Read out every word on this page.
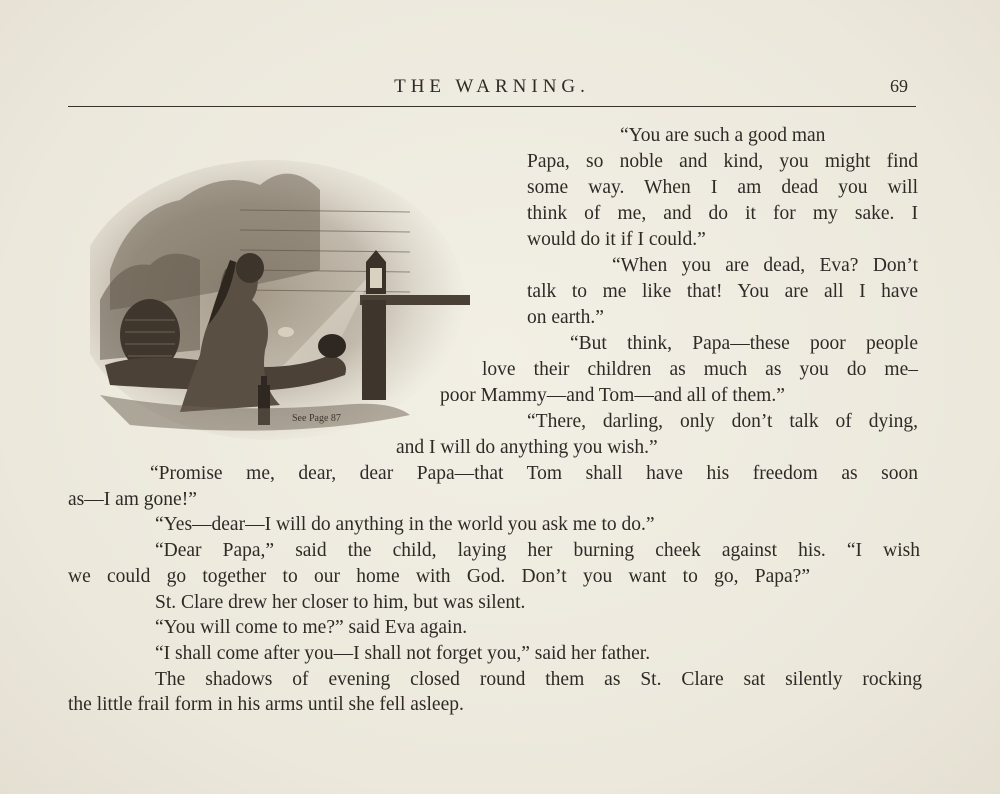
THE WARNING.	69
See Page 87
“You are such a good man
Papa, so noble and kind, you might find
some way. When I am dead you will
think of me, and do it for my sake. I
would do it if I could.”
“When you are dead, Eva? Don’t
talk to me like that! You are all I have
on earth.”
“But think, Papa—these poor people
love their children as much as you do me–
poor Mammy—and Tom—and all of them.”
“There, darling, only don’t talk of dying,
and I will do anything you wish.”
“Promise me, dear, dear Papa—that Tom shall have his freedom as soon
as—I am gone!”
“Yes—dear—I will do anything in the world you ask me to do.”
“Dear Papa,” said the child, laying her burning cheek against his. “I wish
we could go together to our home with God. Don’t you want to go, Papa?”
St. Clare drew her closer to him, but was silent.
“You will come to me?” said Eva again.
“I shall come after you—I shall not forget you,” said her father.
The shadows of evening closed round them as St. Clare sat silently rocking
the little frail form in his arms until she fell asleep.
